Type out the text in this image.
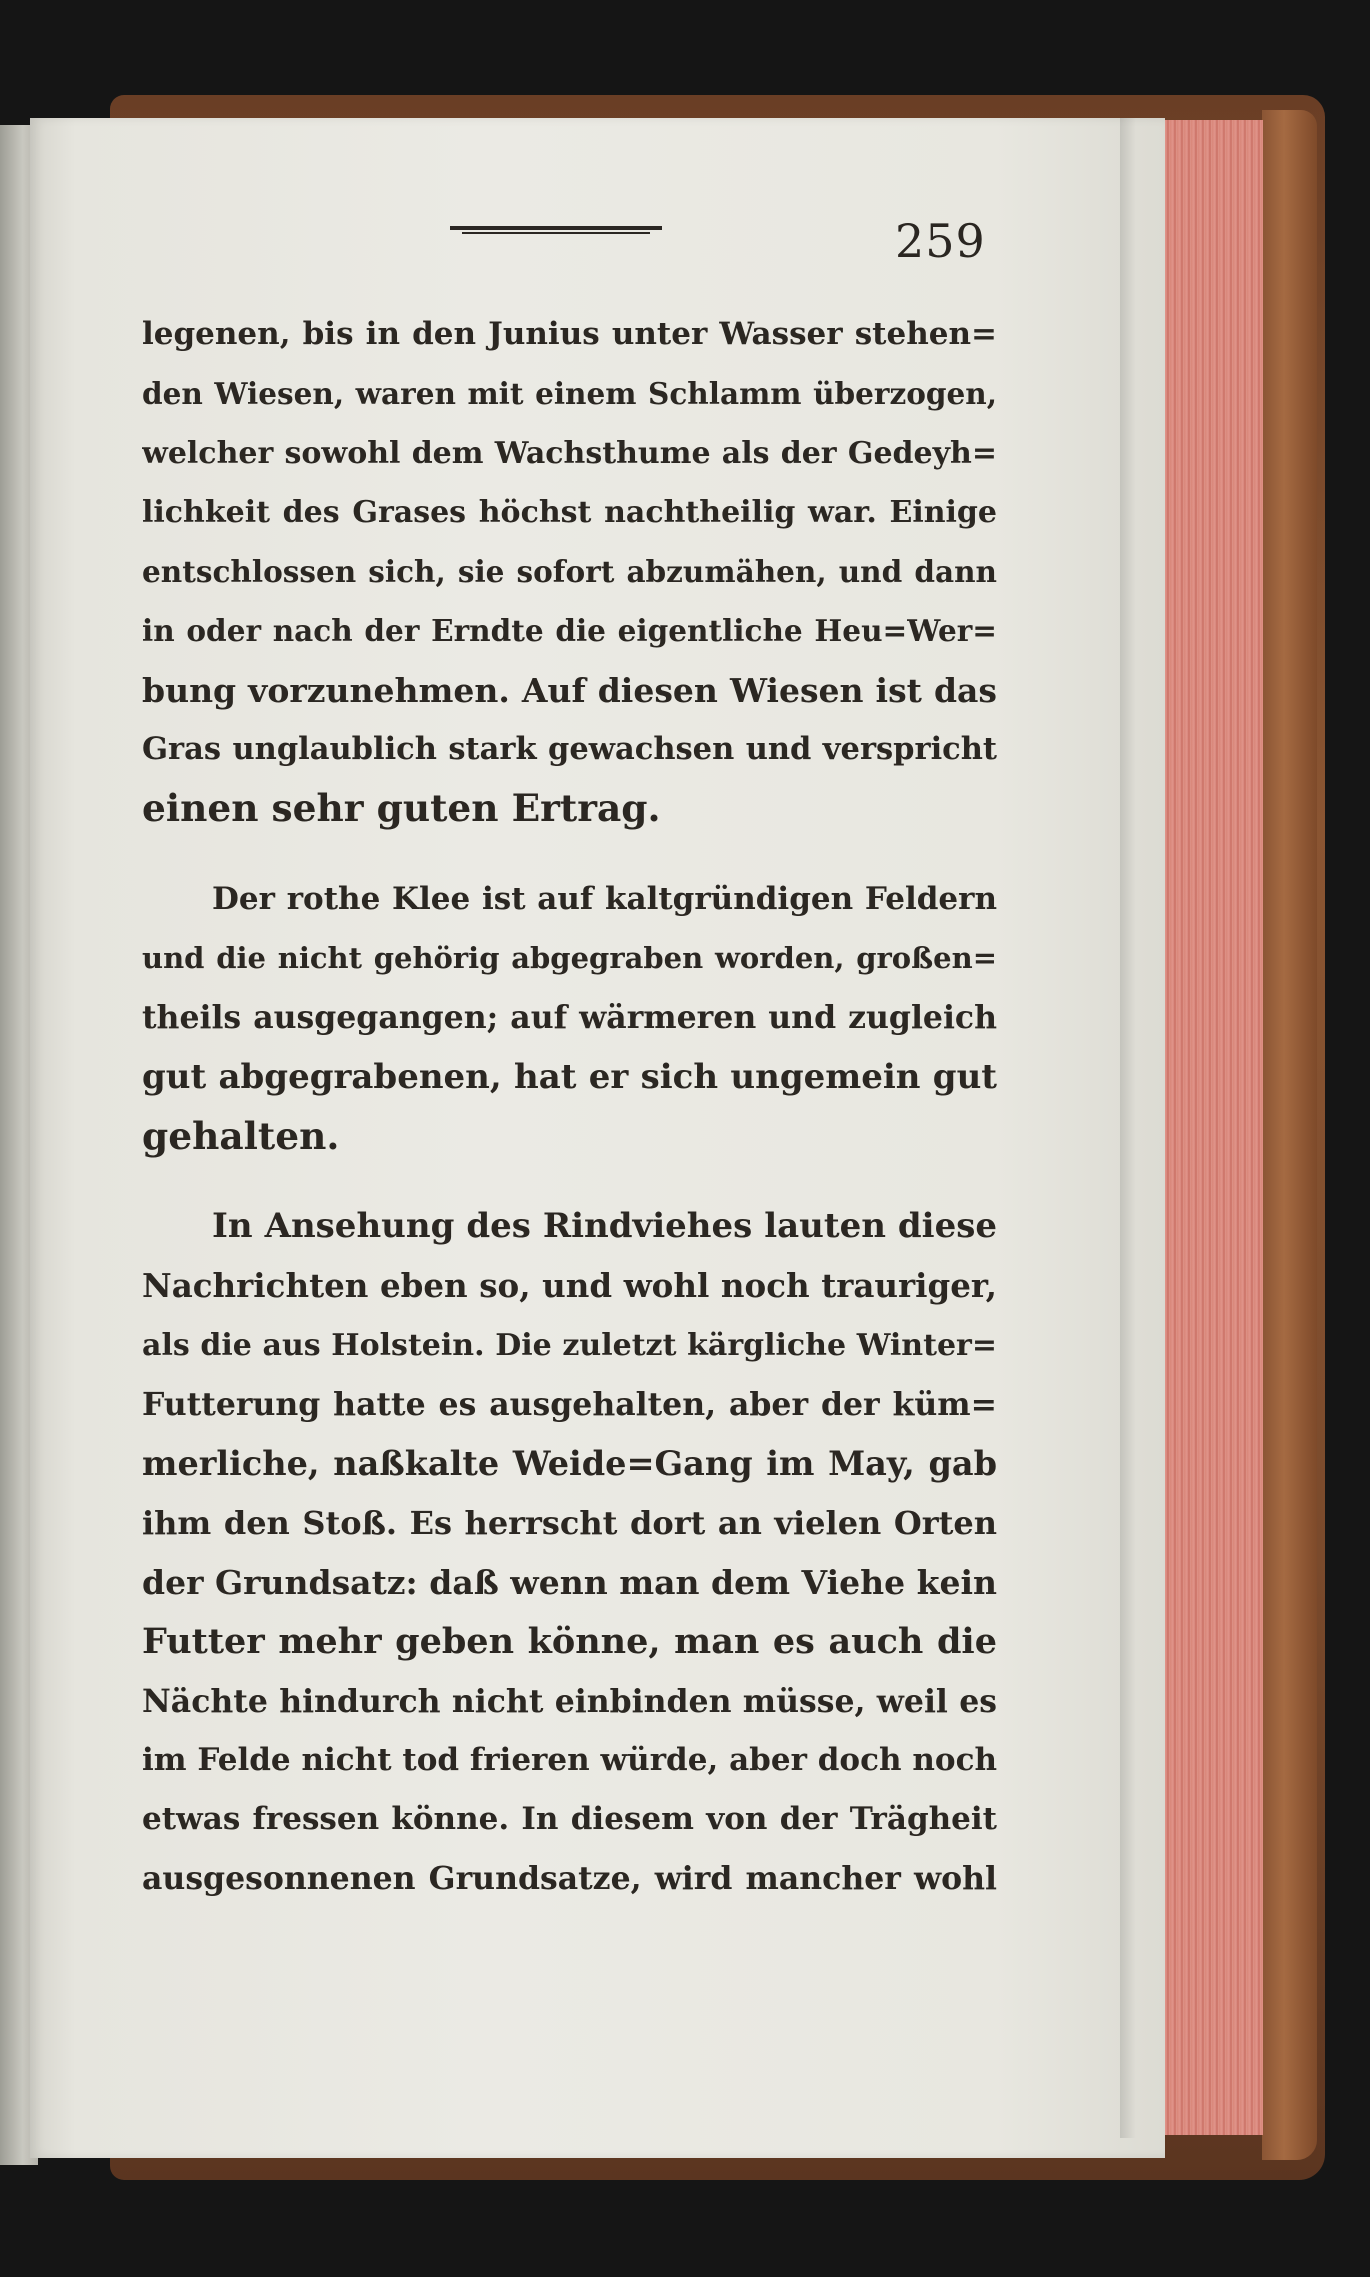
259
legenen, bis in den Junius unter Wasser stehen=
den Wiesen, waren mit einem Schlamm überzogen,
welcher sowohl dem Wachsthume als der Gedeyh=
lichkeit des Grases höchst nachtheilig war. Einige
entschlossen sich, sie sofort abzumähen, und dann
in oder nach der Erndte die eigentliche Heu=Wer=
bung vorzunehmen. Auf diesen Wiesen ist das
Gras unglaublich stark gewachsen und verspricht
einen sehr guten Ertrag.
Der rothe Klee ist auf kaltgründigen Feldern
und die nicht gehörig abgegraben worden, großen=
theils ausgegangen; auf wärmeren und zugleich
gut abgegrabenen, hat er sich ungemein gut
gehalten.
In Ansehung des Rindviehes lauten diese
Nachrichten eben so, und wohl noch trauriger,
als die aus Holstein. Die zuletzt kärgliche Winter=
Futterung hatte es ausgehalten, aber der küm=
merliche, naßkalte Weide=Gang im May, gab
ihm den Stoß. Es herrscht dort an vielen Orten
der Grundsatz: daß wenn man dem Viehe kein
Futter mehr geben könne, man es auch die
Nächte hindurch nicht einbinden müsse, weil es
im Felde nicht tod frieren würde, aber doch noch
etwas fressen könne. In diesem von der Trägheit
ausgesonnenen Grundsatze, wird mancher wohl
